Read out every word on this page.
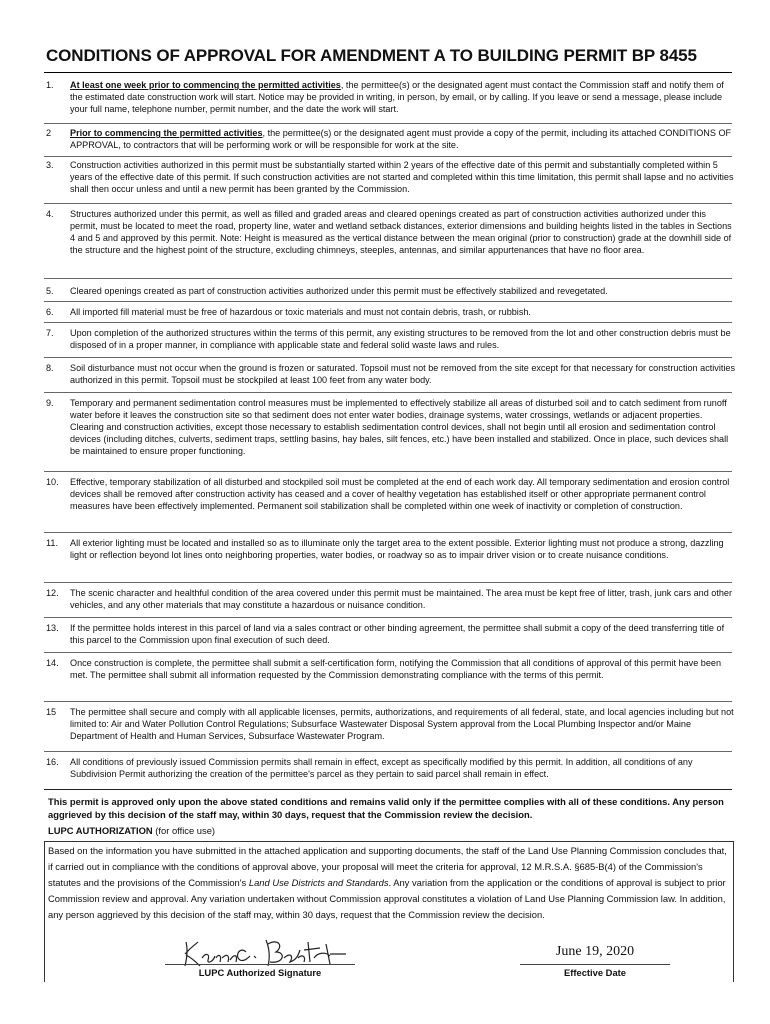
CONDITIONS OF APPROVAL FOR AMENDMENT A TO BUILDING PERMIT BP 8455
1.	At least one week prior to commencing the permitted activities, the permittee(s) or the designated agent must contact the Commission staff and notify them of the estimated date construction work will start. Notice may be provided in writing, in person, by email, or by calling. If you leave or send a message, please include your full name, telephone number, permit number, and the date the work will start.
2	Prior to commencing the permitted activities, the permittee(s) or the designated agent must provide a copy of the permit, including its attached CONDITIONS OF APPROVAL, to contractors that will be performing work or will be responsible for work at the site.
3.	Construction activities authorized in this permit must be substantially started within 2 years of the effective date of this permit and substantially completed within 5 years of the effective date of this permit. If such construction activities are not started and completed within this time limitation, this permit shall lapse and no activities shall then occur unless and until a new permit has been granted by the Commission.
4.	Structures authorized under this permit, as well as filled and graded areas and cleared openings created as part of construction activities authorized under this permit, must be located to meet the road, property line, water and wetland setback distances, exterior dimensions and building heights listed in the tables in Sections 4 and 5 and approved by this permit. Note: Height is measured as the vertical distance between the mean original (prior to construction) grade at the downhill side of the structure and the highest point of the structure, excluding chimneys, steeples, antennas, and similar appurtenances that have no floor area.
5.	Cleared openings created as part of construction activities authorized under this permit must be effectively stabilized and revegetated.
6.	All imported fill material must be free of hazardous or toxic materials and must not contain debris, trash, or rubbish.
7.	Upon completion of the authorized structures within the terms of this permit, any existing structures to be removed from the lot and other construction debris must be disposed of in a proper manner, in compliance with applicable state and federal solid waste laws and rules.
8.	Soil disturbance must not occur when the ground is frozen or saturated. Topsoil must not be removed from the site except for that necessary for construction activities authorized in this permit. Topsoil must be stockpiled at least 100 feet from any water body.
9.	Temporary and permanent sedimentation control measures must be implemented to effectively stabilize all areas of disturbed soil and to catch sediment from runoff water before it leaves the construction site so that sediment does not enter water bodies, drainage systems, water crossings, wetlands or adjacent properties. Clearing and construction activities, except those necessary to establish sedimentation control devices, shall not begin until all erosion and sedimentation control devices (including ditches, culverts, sediment traps, settling basins, hay bales, silt fences, etc.) have been installed and stabilized. Once in place, such devices shall be maintained to ensure proper functioning.
10.	Effective, temporary stabilization of all disturbed and stockpiled soil must be completed at the end of each work day. All temporary sedimentation and erosion control devices shall be removed after construction activity has ceased and a cover of healthy vegetation has established itself or other appropriate permanent control measures have been effectively implemented. Permanent soil stabilization shall be completed within one week of inactivity or completion of construction.
11.	All exterior lighting must be located and installed so as to illuminate only the target area to the extent possible. Exterior lighting must not produce a strong, dazzling light or reflection beyond lot lines onto neighboring properties, water bodies, or roadway so as to impair driver vision or to create nuisance conditions.
12.	The scenic character and healthful condition of the area covered under this permit must be maintained. The area must be kept free of litter, trash, junk cars and other vehicles, and any other materials that may constitute a hazardous or nuisance condition.
13.	If the permittee holds interest in this parcel of land via a sales contract or other binding agreement, the permittee shall submit a copy of the deed transferring title of this parcel to the Commission upon final execution of such deed.
14.	Once construction is complete, the permittee shall submit a self-certification form, notifying the Commission that all conditions of approval of this permit have been met. The permittee shall submit all information requested by the Commission demonstrating compliance with the terms of this permit.
15	The permittee shall secure and comply with all applicable licenses, permits, authorizations, and requirements of all federal, state, and local agencies including but not limited to: Air and Water Pollution Control Regulations; Subsurface Wastewater Disposal System approval from the Local Plumbing Inspector and/or Maine Department of Health and Human Services, Subsurface Wastewater Program.
16.	All conditions of previously issued Commission permits shall remain in effect, except as specifically modified by this permit. In addition, all conditions of any Subdivision Permit authorizing the creation of the permittee's parcel as they pertain to said parcel shall remain in effect.
This permit is approved only upon the above stated conditions and remains valid only if the permittee complies with all of these conditions. Any person aggrieved by this decision of the staff may, within 30 days, request that the Commission review the decision.
LUPC AUTHORIZATION (for office use)
Based on the information you have submitted in the attached application and supporting documents, the staff of the Land Use Planning Commission concludes that, if carried out in compliance with the conditions of approval above, your proposal will meet the criteria for approval, 12 M.R.S.A. §685-B(4) of the Commission's statutes and the provisions of the Commission's Land Use Districts and Standards. Any variation from the application or the conditions of approval is subject to prior Commission review and approval. Any variation undertaken without Commission approval constitutes a violation of Land Use Planning Commission law. In addition, any person aggrieved by this decision of the staff may, within 30 days, request that the Commission review the decision.
Karen E. Bolstridge
June 19, 2020
LUPC Authorized Signature	Effective Date
